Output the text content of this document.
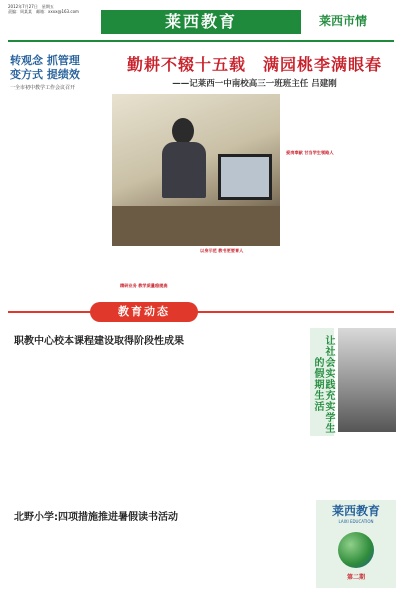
2012年7月27日　星期五
责编：周某某　邮箱：xxxx@163.com
莱西教育	莱西市情
转观念 抓管理
变方式 提绩效
一全市初中教学工作会议召开
勤耕不辍十五载　满园桃李满眼春
——记莱西一中南校高三一班班主任 吕建刚
以身示范 教书更要育人
精研业务 教学质量稳提高
爱岗奉献 甘当学生领路人
教育动态
职教中心校本课程建设取得阶段性成果	让社会实践充实学生的假期生活
北野小学:四项措施推进暑假读书活动	莱西教育
LAIXI EDUCATION
第二期
